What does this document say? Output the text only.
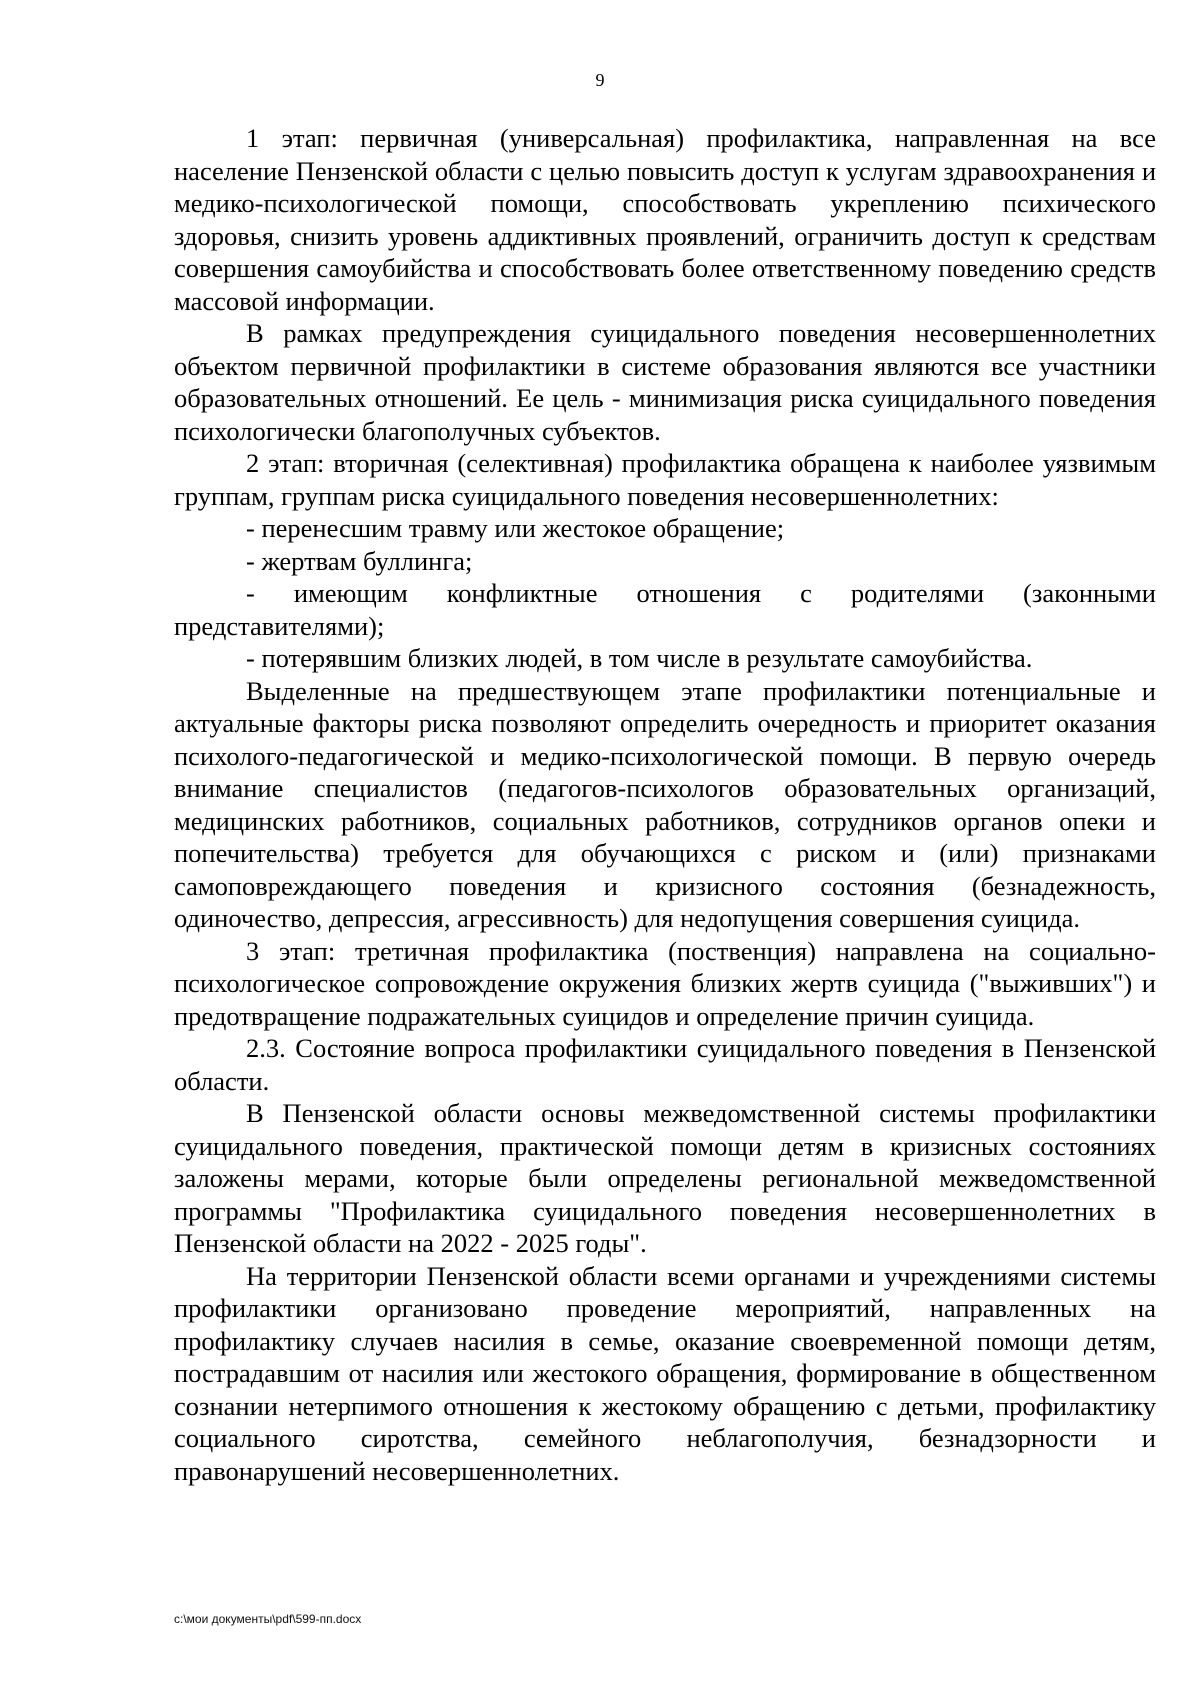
9

1 этап: первичная (универсальная) профилактика, направленная на все население Пензенской области с целью повысить доступ к услугам здравоохранения и медико-психологической помощи, способствовать укреплению психического здоровья, снизить уровень аддиктивных проявлений, ограничить доступ к средствам совершения самоубийства и способствовать более ответственному поведению средств массовой информации.

В рамках предупреждения суицидального поведения несовершеннолетних объектом первичной профилактики в системе образования являются все участники образовательных отношений. Ее цель - минимизация риска суицидального поведения психологически благополучных субъектов.

2 этап: вторичная (селективная) профилактика обращена к наиболее уязвимым группам, группам риска суицидального поведения несовершеннолетних:

- перенесшим травму или жестокое обращение;

- жертвам буллинга;

- имеющим конфликтные отношения с родителями (законными представителями);

- потерявшим близких людей, в том числе в результате самоубийства.

Выделенные на предшествующем этапе профилактики потенциальные и актуальные факторы риска позволяют определить очередность и приоритет оказания психолого-педагогической и медико-психологической помощи. В первую очередь внимание специалистов (педагогов-психологов образовательных организаций, медицинских работников, социальных работников, сотрудников органов опеки и попечительства) требуется для обучающихся с риском и (или) признаками самоповреждающего поведения и кризисного состояния (безнадежность, одиночество, депрессия, агрессивность) для недопущения совершения суицида.

3 этап: третичная профилактика (поственция) направлена на социально-психологическое сопровождение окружения близких жертв суицида ("выживших") и предотвращение подражательных суицидов и определение причин суицида.

2.3. Состояние вопроса профилактики суицидального поведения в Пензенской области.

В Пензенской области основы межведомственной системы профилактики суицидального поведения, практической помощи детям в кризисных состояниях заложены мерами, которые были определены региональной межведомственной программы "Профилактика суицидального поведения несовершеннолетних в Пензенской области на 2022 - 2025 годы".

На территории Пензенской области всеми органами и учреждениями системы профилактики организовано проведение мероприятий, направленных на профилактику случаев насилия в семье, оказание своевременной помощи детям, пострадавшим от насилия или жестокого обращения, формирование в общественном сознании нетерпимого отношения к жестокому обращению с детьми, профилактику социального сиротства, семейного неблагополучия, безнадзорности и правонарушений несовершеннолетних.

c:\мои документы\pdf\599-пп.docx
